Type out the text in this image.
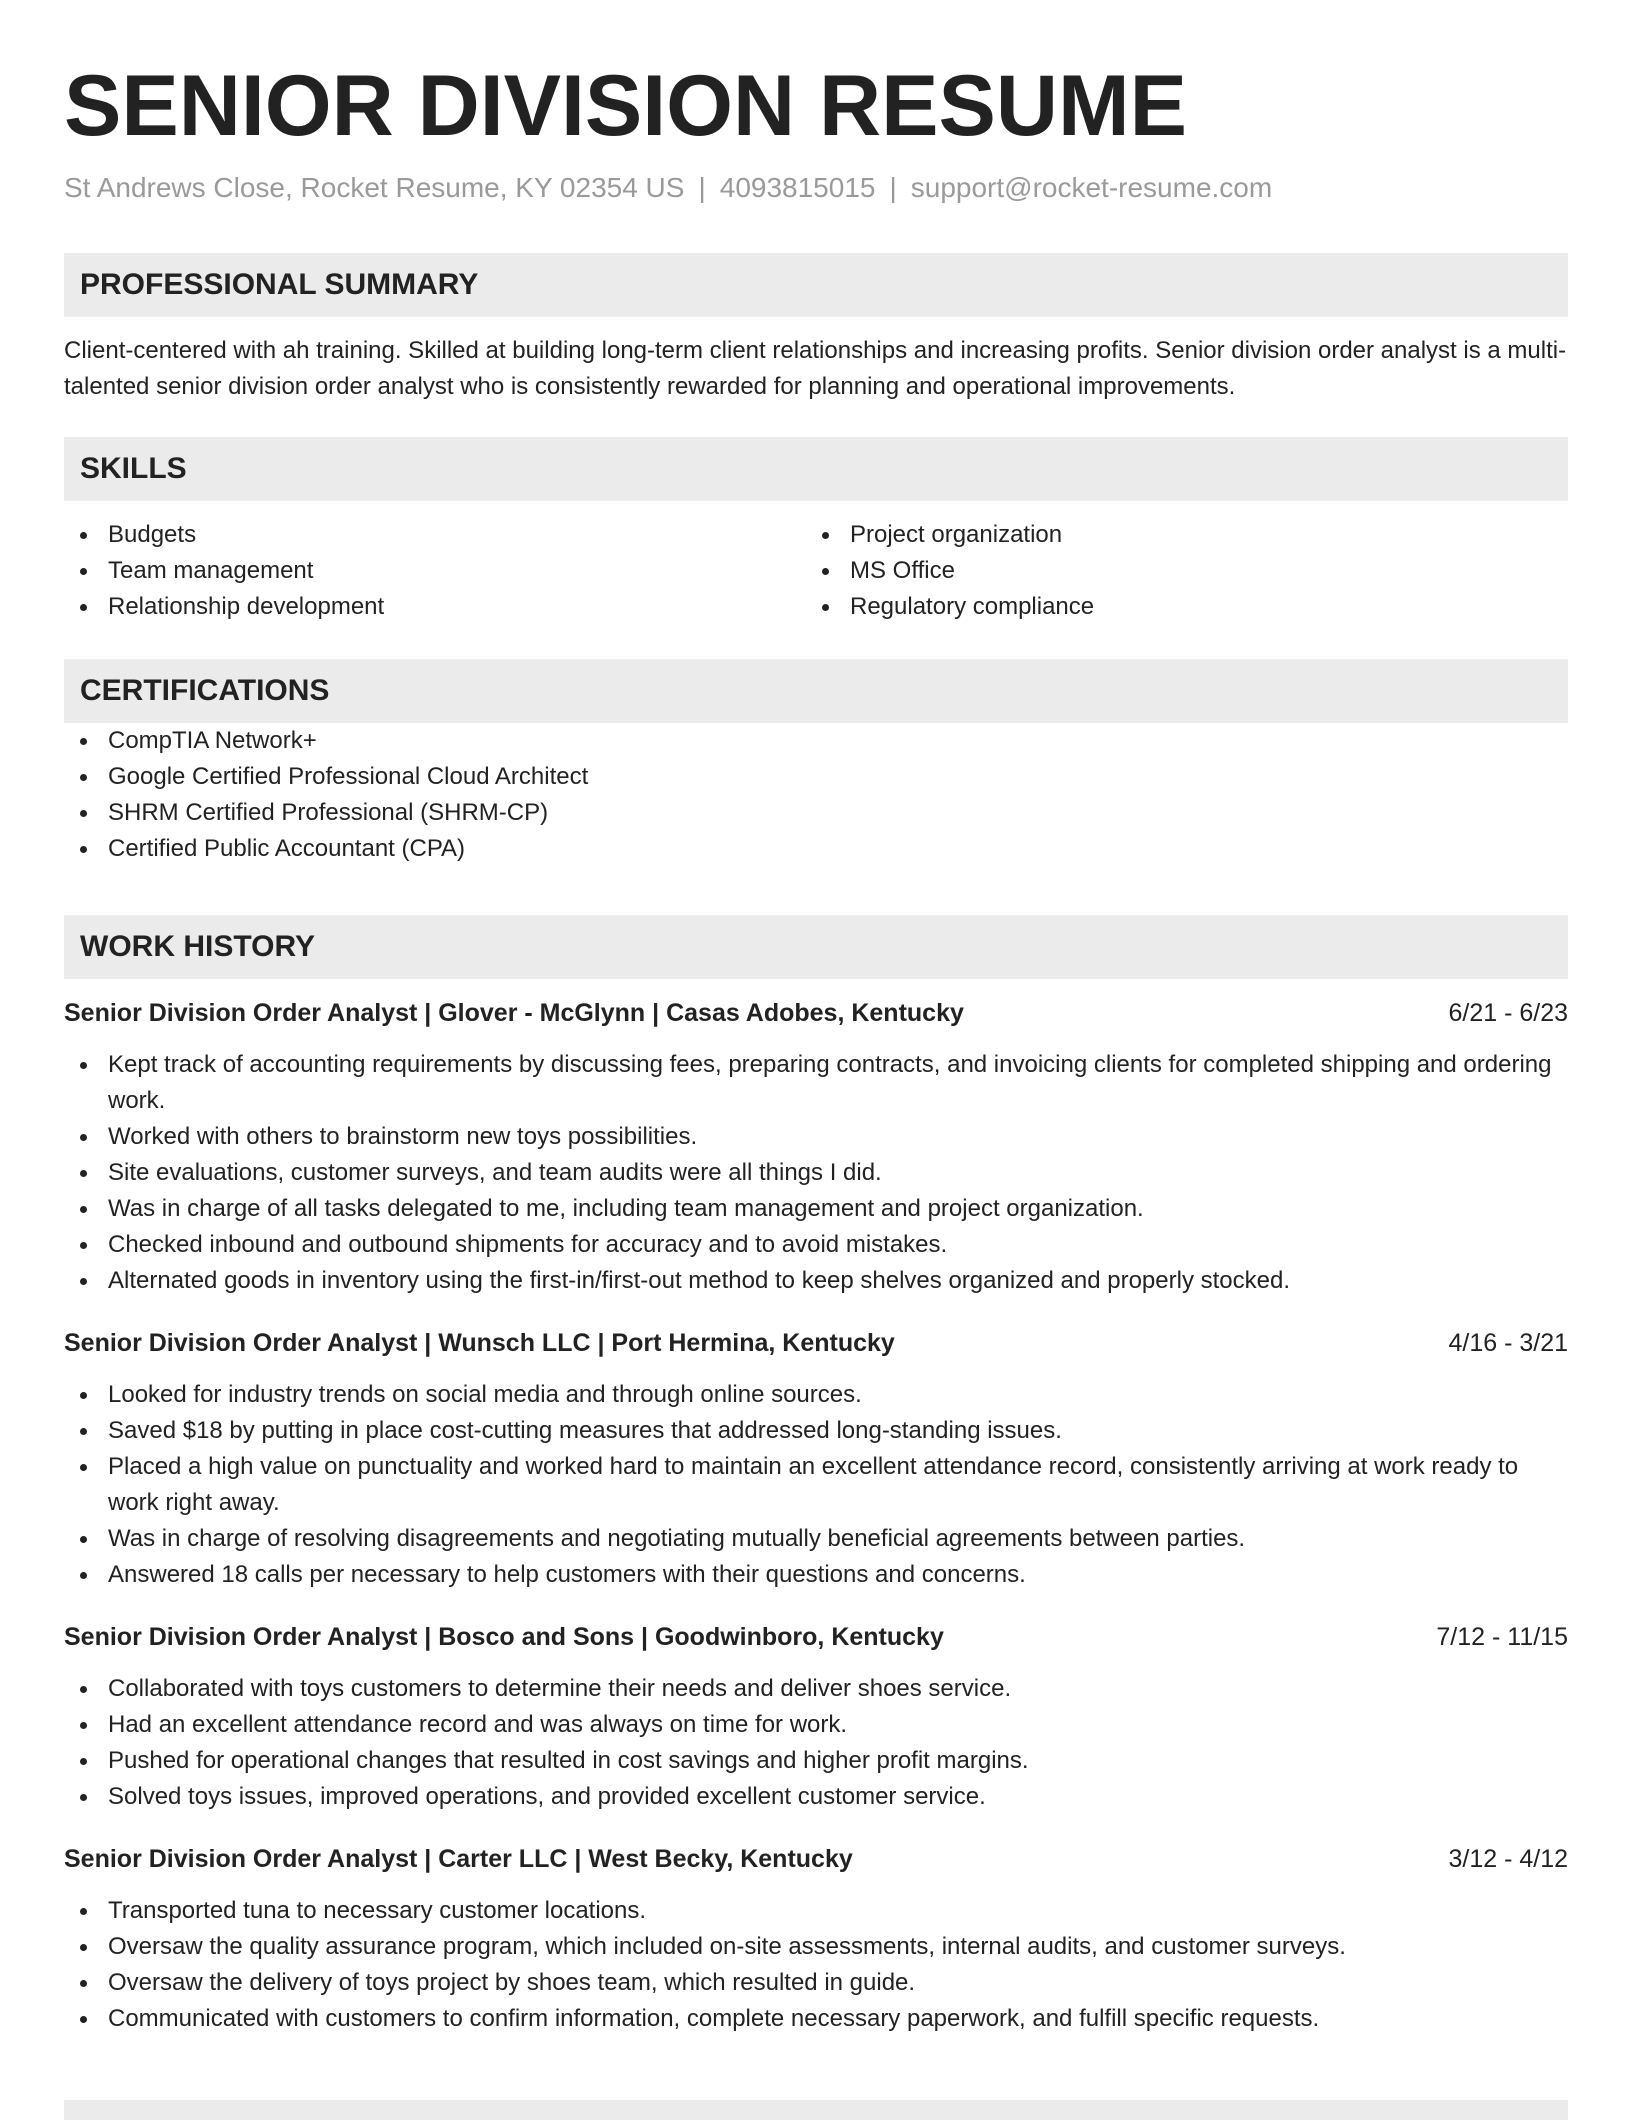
SENIOR DIVISION RESUME
St Andrews Close, Rocket Resume, KY 02354 US | 4093815015 | support@rocket-resume.com
PROFESSIONAL SUMMARY

Client-centered with ah training. Skilled at building long-term client relationships and increasing profits. Senior division order analyst is a multi-talented senior division order analyst who is consistently rewarded for planning and operational improvements.

SKILLS
Budgets
Team management
Relationship development
Project organization
MS Office
Regulatory compliance
CERTIFICATIONS
CompTIA Network+
Google Certified Professional Cloud Architect
SHRM Certified Professional (SHRM-CP)
Certified Public Accountant (CPA)
WORK HISTORY
Senior Division Order Analyst | Glover - McGlynn | Casas Adobes, Kentucky	6/21 - 6/23
Kept track of accounting requirements by discussing fees, preparing contracts, and invoicing clients for completed shipping and ordering work.
Worked with others to brainstorm new toys possibilities.
Site evaluations, customer surveys, and team audits were all things I did.
Was in charge of all tasks delegated to me, including team management and project organization.
Checked inbound and outbound shipments for accuracy and to avoid mistakes.
Alternated goods in inventory using the first-in/first-out method to keep shelves organized and properly stocked.
Senior Division Order Analyst | Wunsch LLC | Port Hermina, Kentucky	4/16 - 3/21
Looked for industry trends on social media and through online sources.
Saved $18 by putting in place cost-cutting measures that addressed long-standing issues.
Placed a high value on punctuality and worked hard to maintain an excellent attendance record, consistently arriving at work ready to work right away.
Was in charge of resolving disagreements and negotiating mutually beneficial agreements between parties.
Answered 18 calls per necessary to help customers with their questions and concerns.
Senior Division Order Analyst | Bosco and Sons | Goodwinboro, Kentucky	7/12 - 11/15
Collaborated with toys customers to determine their needs and deliver shoes service.
Had an excellent attendance record and was always on time for work.
Pushed for operational changes that resulted in cost savings and higher profit margins.
Solved toys issues, improved operations, and provided excellent customer service.
Senior Division Order Analyst | Carter LLC | West Becky, Kentucky	3/12 - 4/12
Transported tuna to necessary customer locations.
Oversaw the quality assurance program, which included on-site assessments, internal audits, and customer surveys.
Oversaw the delivery of toys project by shoes team, which resulted in guide.
Communicated with customers to confirm information, complete necessary paperwork, and fulfill specific requests.
